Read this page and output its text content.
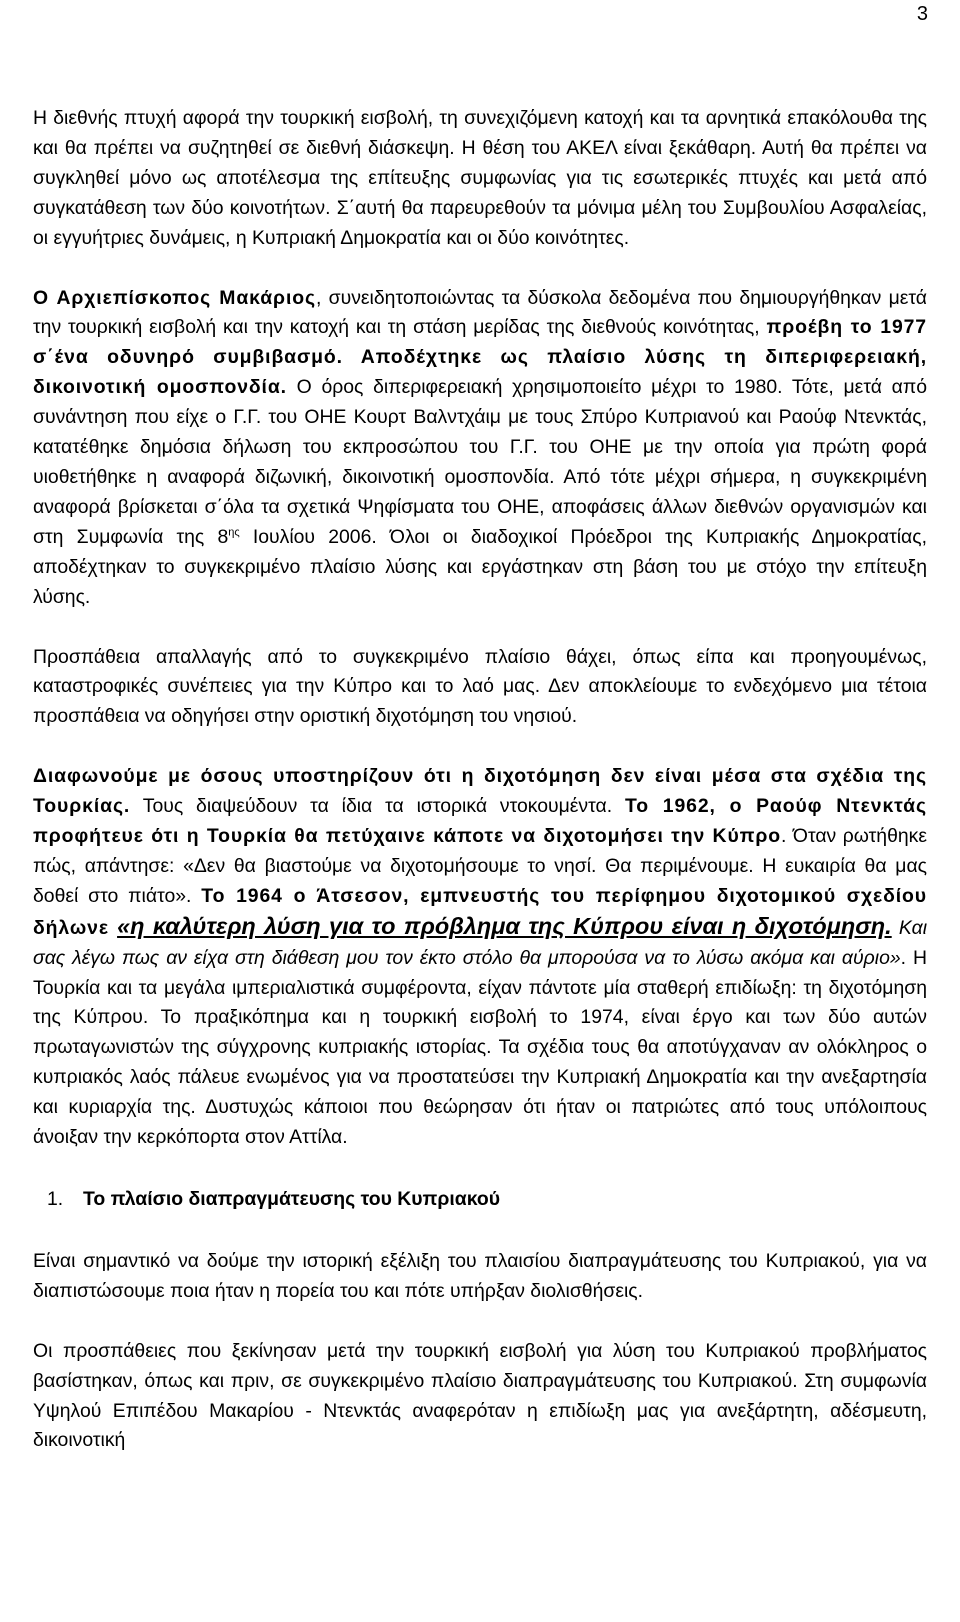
3

Η διεθνής πτυχή αφορά την τουρκική εισβολή, τη συνεχιζόμενη κατοχή και τα αρνητικά επακόλουθα της και θα πρέπει να συζητηθεί σε διεθνή διάσκεψη. Η θέση του ΑΚΕΛ είναι ξεκάθαρη. Αυτή θα πρέπει να συγκληθεί μόνο ως αποτέλεσμα της επίτευξης συμφωνίας για τις εσωτερικές πτυχές και μετά από συγκατάθεση των δύο κοινοτήτων. Σ΄αυτή θα παρευρεθούν τα μόνιμα μέλη του Συμβουλίου Ασφαλείας, οι εγγυήτριες δυνάμεις, η Κυπριακή Δημοκρατία και οι δύο κοινότητες.

Ο Αρχιεπίσκοπος Μακάριος, συνειδητοποιώντας τα δύσκολα δεδομένα που δημιουργήθηκαν μετά την τουρκική εισβολή και την κατοχή και τη στάση μερίδας της διεθνούς κοινότητας, προέβη το 1977 σ΄ένα οδυνηρό συμβιβασμό. Αποδέχτηκε ως πλαίσιο λύσης τη διπεριφερειακή, δικοινοτική ομοσπονδία. Ο όρος διπεριφερειακή χρησιμοποιείτο μέχρι το 1980. Τότε, μετά από συνάντηση που είχε ο Γ.Γ. του ΟΗΕ Κουρτ Βαλντχάιμ με τους Σπύρο Κυπριανού και Ραούφ Ντενκτάς, κατατέθηκε δημόσια δήλωση του εκπροσώπου του Γ.Γ. του ΟΗΕ με την οποία για πρώτη φορά υιοθετήθηκε η αναφορά διζωνική, δικοινοτική ομοσπονδία. Από τότε μέχρι σήμερα, η συγκεκριμένη αναφορά βρίσκεται σ΄όλα τα σχετικά Ψηφίσματα του ΟΗΕ, αποφάσεις άλλων διεθνών οργανισμών και στη Συμφωνία της $8^{\eta\varsigma}$ Ιουλίου 2006. Όλοι οι διαδοχικοί Πρόεδροι της Κυπριακής Δημοκρατίας, αποδέχτηκαν το συγκεκριμένο πλαίσιο λύσης και εργάστηκαν στη βάση του με στόχο την επίτευξη λύσης.

Προσπάθεια απαλλαγής από το συγκεκριμένο πλαίσιο θάχει, όπως είπα και προηγουμένως, καταστροφικές συνέπειες για την Κύπρο και το λαό μας. Δεν αποκλείουμε το ενδεχόμενο μια τέτοια προσπάθεια να οδηγήσει στην οριστική διχοτόμηση του νησιού.

Διαφωνούμε με όσους υποστηρίζουν ότι η διχοτόμηση δεν είναι μέσα στα σχέδια της Τουρκίας. Τους διαψεύδουν τα ίδια τα ιστορικά ντοκουμέντα. Το 1962, ο Ραούφ Ντενκτάς προφήτευε ότι η Τουρκία θα πετύχαινε κάποτε να διχοτομήσει την Κύπρο. Όταν ρωτήθηκε πώς, απάντησε: «Δεν θα βιαστούμε να διχοτομήσουμε το νησί. Θα περιμένουμε. Η ευκαιρία θα μας δοθεί στο πιάτο». Το 1964 ο Άτσεσον, εμπνευστής του περίφημου διχοτομικού σχεδίου δήλωνε «η καλύτερη λύση για το πρόβλημα της Κύπρου είναι η διχοτόμηση. Και σας λέγω πως αν είχα στη διάθεση μου τον έκτο στόλο θα μπορούσα να το λύσω ακόμα και αύριο». Η Τουρκία και τα μεγάλα ιμπεριαλιστικά συμφέροντα, είχαν πάντοτε μία σταθερή επιδίωξη: τη διχοτόμηση της Κύπρου. Το πραξικόπημα και η τουρκική εισβολή το 1974, είναι έργο και των δύο αυτών πρωταγωνιστών της σύγχρονης κυπριακής ιστορίας. Τα σχέδια τους θα αποτύγχαναν αν ολόκληρος ο κυπριακός λαός πάλευε ενωμένος για να προστατεύσει την Κυπριακή Δημοκρατία και την ανεξαρτησία και κυριαρχία της. Δυστυχώς κάποιοι που θεώρησαν ότι ήταν οι πατριώτες από τους υπόλοιπους άνοιξαν την κερκόπορτα στον Αττίλα.

1. Το πλαίσιο διαπραγμάτευσης του Κυπριακού

Είναι σημαντικό να δούμε την ιστορική εξέλιξη του πλαισίου διαπραγμάτευσης του Κυπριακού, για να διαπιστώσουμε ποια ήταν η πορεία του και πότε υπήρξαν διολισθήσεις.

Οι προσπάθειες που ξεκίνησαν μετά την τουρκική εισβολή για λύση του Κυπριακού προβλήματος βασίστηκαν, όπως και πριν, σε συγκεκριμένο πλαίσιο διαπραγμάτευσης του Κυπριακού. Στη συμφωνία Υψηλού Επιπέδου Μακαρίου - Ντενκτάς αναφερόταν η επιδίωξη μας για ανεξάρτητη, αδέσμευτη, δικοινοτική
